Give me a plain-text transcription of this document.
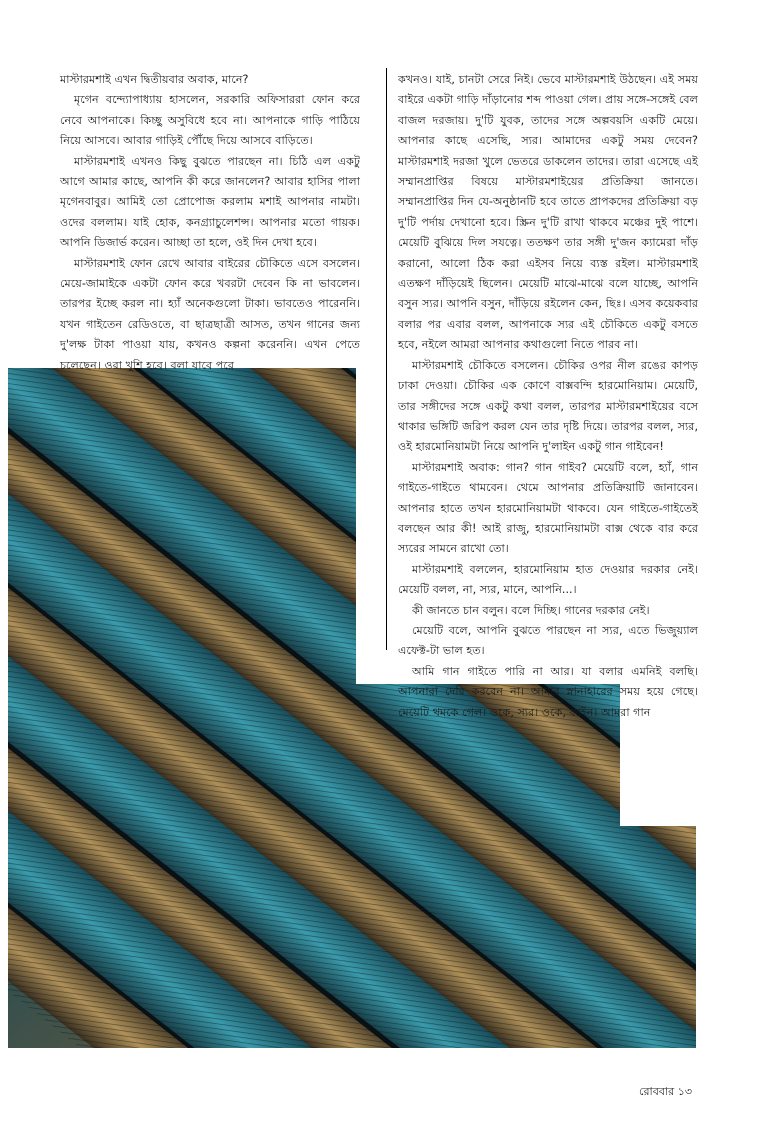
মাস্টারমশাই এখন দ্বিতীয়বার অবাক, মানে?

মৃগেন বন্দ্যোপাধ্যায় হাসলেন, সরকারি অফিসাররা ফোন করে নেবে আপনাকে। কিচ্ছু অসুবিধে হবে না। আপনাকে গাড়ি পাঠিয়ে নিয়ে আসবে। আবার গাড়িই পৌঁছে দিয়ে আসবে বাড়িতে।

মাস্টারমশাই এখনও কিছু বুঝতে পারছেন না। চিঠি এল একটু আগে আমার কাছে, আপনি কী করে জানলেন? আবার হাসির পালা মৃগেনবাবুর। আমিই তো প্রোপোজ করলাম মশাই আপনার নামটা। ওদের বললাম। যাই হোক, কনগ্র্যাচুলেশন্স। আপনার মতো গায়ক। আপনি ডিজার্ভ করেন। আচ্ছা তা হলে, ওই দিন দেখা হবে।

মাস্টারমশাই ফোন রেখে আবার বাইরের চৌকিতে এসে বসলেন। মেয়ে-জামাইকে একটা ফোন করে খবরটা দেবেন কি না ভাবলেন। তারপর ইচ্ছে করল না। হ্যাঁ অনেকগুলো টাকা। ভাবতেও পারেননি। যখন গাইতেন রেডিওতে, বা ছাত্রছাত্রী আসত, তখন গানের জন্য দু'লক্ষ টাকা পাওয়া যায়, কখনও কল্পনা করেননি। এখন পেতে চলেছেন। ওরা খুশি হবে। বলা যাবে পরে

কখনও। যাই, চানটা সেরে নিই। ভেবে মাস্টারমশাই উঠছেন। এই সময় বাইরে একটা গাড়ি দাঁড়ানোর শব্দ পাওয়া গেল। প্রায় সঙ্গে-সঙ্গেই বেল বাজল দরজায়। দু'টি যুবক, তাদের সঙ্গে অল্পবয়সি একটি মেয়ে। আপনার কাছে এসেছি, স্যর। আমাদের একটু সময় দেবেন? মাস্টারমশাই দরজা খুলে ভেতরে ডাকলেন তাদের। তারা এসেছে এই সম্মানপ্রাপ্তির বিষয়ে মাস্টারমশাইয়ের প্রতিক্রিয়া জানতে। সম্মানপ্রাপ্তির দিন যে-অনুষ্ঠানটি হবে তাতে প্রাপকদের প্রতিক্রিয়া বড় দু'টি পর্দায় দেখানো হবে। স্ক্রিন দু'টি রাখা থাকবে মঞ্চের দুই পাশে। মেয়েটি বুঝিয়ে দিল সযত্নে। ততক্ষণ তার সঙ্গী দু'জন ক্যামেরা দাঁড় করানো, আলো ঠিক করা এইসব নিয়ে ব্যস্ত রইল। মাস্টারমশাই এতক্ষণ দাঁড়িয়েই ছিলেন। মেয়েটি মাঝে-মাঝে বলে যাচ্ছে, আপনি বসুন স্যর। আপনি বসুন, দাঁড়িয়ে রইলেন কেন, ছিঃ। এসব কয়েকবার বলার পর এবার বলল, আপনাকে স্যর এই চৌকিতে একটু বসতে হবে, নইলে আমরা আপনার কথাগুলো নিতে পারব না।

মাস্টারমশাই চৌকিতে বসলেন। চৌকির ওপর নীল রঙের কাপড় ঢাকা দেওয়া। চৌকির এক কোণে বাক্সবন্দি হারমোনিয়াম। মেয়েটি, তার সঙ্গীদের সঙ্গে একটু কথা বলল, তারপর মাস্টারমশাইয়ের বসে থাকার ভঙ্গিটি জরিপ করল যেন তার দৃষ্টি দিয়ে। তারপর বলল, স্যর, ওই হারমোনিয়ামটা নিয়ে আপনি দু'লাইন একটু গান গাইবেন!

মাস্টারমশাই অবাক: গান? গান গাইব? মেয়েটি বলে, হ্যাঁ, গান গাইতে-গাইতে থামবেন। থেমে আপনার প্রতিক্রিয়াটি জানাবেন। আপনার হাতে তখন হারমোনিয়ামটা থাকবে। যেন গাইতে-গাইতেই বলছেন আর কী! আই রাজু, হারমোনিয়ামটা বাক্স থেকে বার করে স্যরের সামনে রাখো তো।

মাস্টারমশাই বললেন, হারমোনিয়াম হাত দেওয়ার দরকার নেই। মেয়েটি বলল, না, স্যর, মানে, আপনি...।

কী জানতে চান বলুন। বলে দিচ্ছি। গানের দরকার নেই।

মেয়েটি বলে, আপনি বুঝতে পারছেন না স্যর, এতে ভিজুয়্যাল এফেক্ট-টা ভাল হত।

আমি গান গাইতে পারি না আর। যা বলার এমনিই বলছি। আপনারা দেরি করবেন না। আমার স্নানাহারের সময় হয়ে গেছে। মেয়েটি থমকে গেল। ওকে, স্যর। ওকে, ফাইন। আমরা গান

রোববার ১৩
